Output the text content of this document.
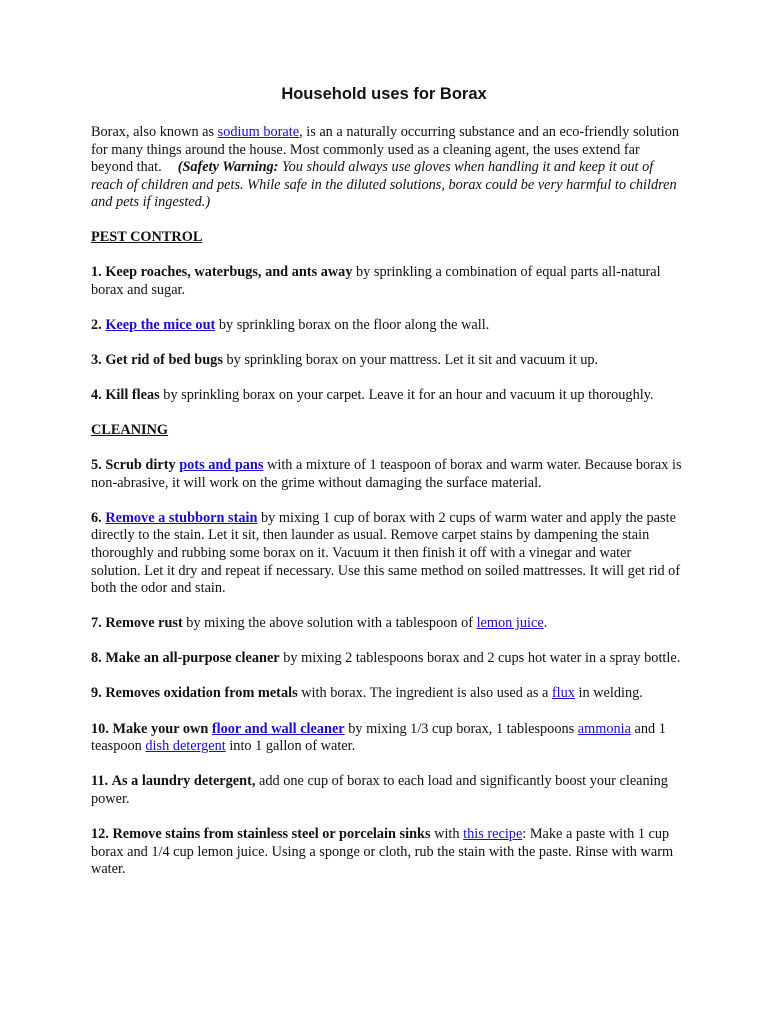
Household uses for Borax

Borax, also known as sodium borate, is an a naturally occurring substance and an eco-friendly solution for many things around the house. Most commonly used as a cleaning agent, the uses extend far beyond that. (Safety Warning: You should always use gloves when handling it and keep it out of reach of children and pets. While safe in the diluted solutions, borax could be very harmful to children and pets if ingested.)

PEST CONTROL

1. Keep roaches, waterbugs, and ants away by sprinkling a combination of equal parts all-natural borax and sugar.

2. Keep the mice out by sprinkling borax on the floor along the wall.

3. Get rid of bed bugs by sprinkling borax on your mattress. Let it sit and vacuum it up.

4. Kill fleas by sprinkling borax on your carpet. Leave it for an hour and vacuum it up thoroughly.

CLEANING

5. Scrub dirty pots and pans with a mixture of 1 teaspoon of borax and warm water. Because borax is non-abrasive, it will work on the grime without damaging the surface material.

6. Remove a stubborn stain by mixing 1 cup of borax with 2 cups of warm water and apply the paste directly to the stain. Let it sit, then launder as usual. Remove carpet stains by dampening the stain thoroughly and rubbing some borax on it. Vacuum it then finish it off with a vinegar and water solution. Let it dry and repeat if necessary. Use this same method on soiled mattresses. It will get rid of both the odor and stain.

7. Remove rust by mixing the above solution with a tablespoon of lemon juice.

8. Make an all-purpose cleaner by mixing 2 tablespoons borax and 2 cups hot water in a spray bottle.

9. Removes oxidation from metals with borax. The ingredient is also used as a flux in welding.

10. Make your own floor and wall cleaner by mixing 1/3 cup borax, 1 tablespoons ammonia and 1 teaspoon dish detergent into 1 gallon of water.

11. As a laundry detergent, add one cup of borax to each load and significantly boost your cleaning power.

12. Remove stains from stainless steel or porcelain sinks with this recipe: Make a paste with 1 cup borax and 1/4 cup lemon juice. Using a sponge or cloth, rub the stain with the paste. Rinse with warm water.
